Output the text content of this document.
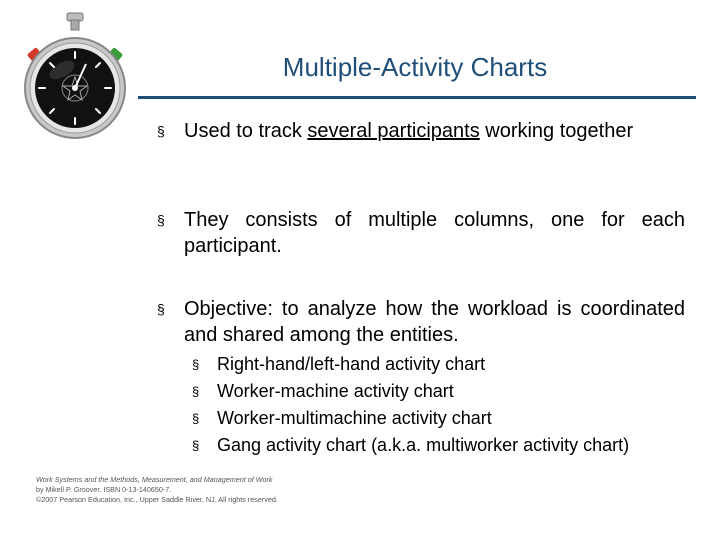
Multiple-Activity Charts
§ Used to track several participants working together
§ They consists of multiple columns, one for each participant.
§ Objective: to analyze how the workload is coordinated and shared among the entities.
§ Right-hand/left-hand activity chart
§ Worker-machine activity chart
§ Worker-multimachine activity chart
§ Gang activity chart (a.k.a. multiworker activity chart)
Work Systems and the Methods, Measurement, and Management of Work
by Mikell P. Groover. ISBN 0-13-140650-7.
©2007 Pearson Education, Inc., Upper Saddle River, NJ. All rights reserved.
